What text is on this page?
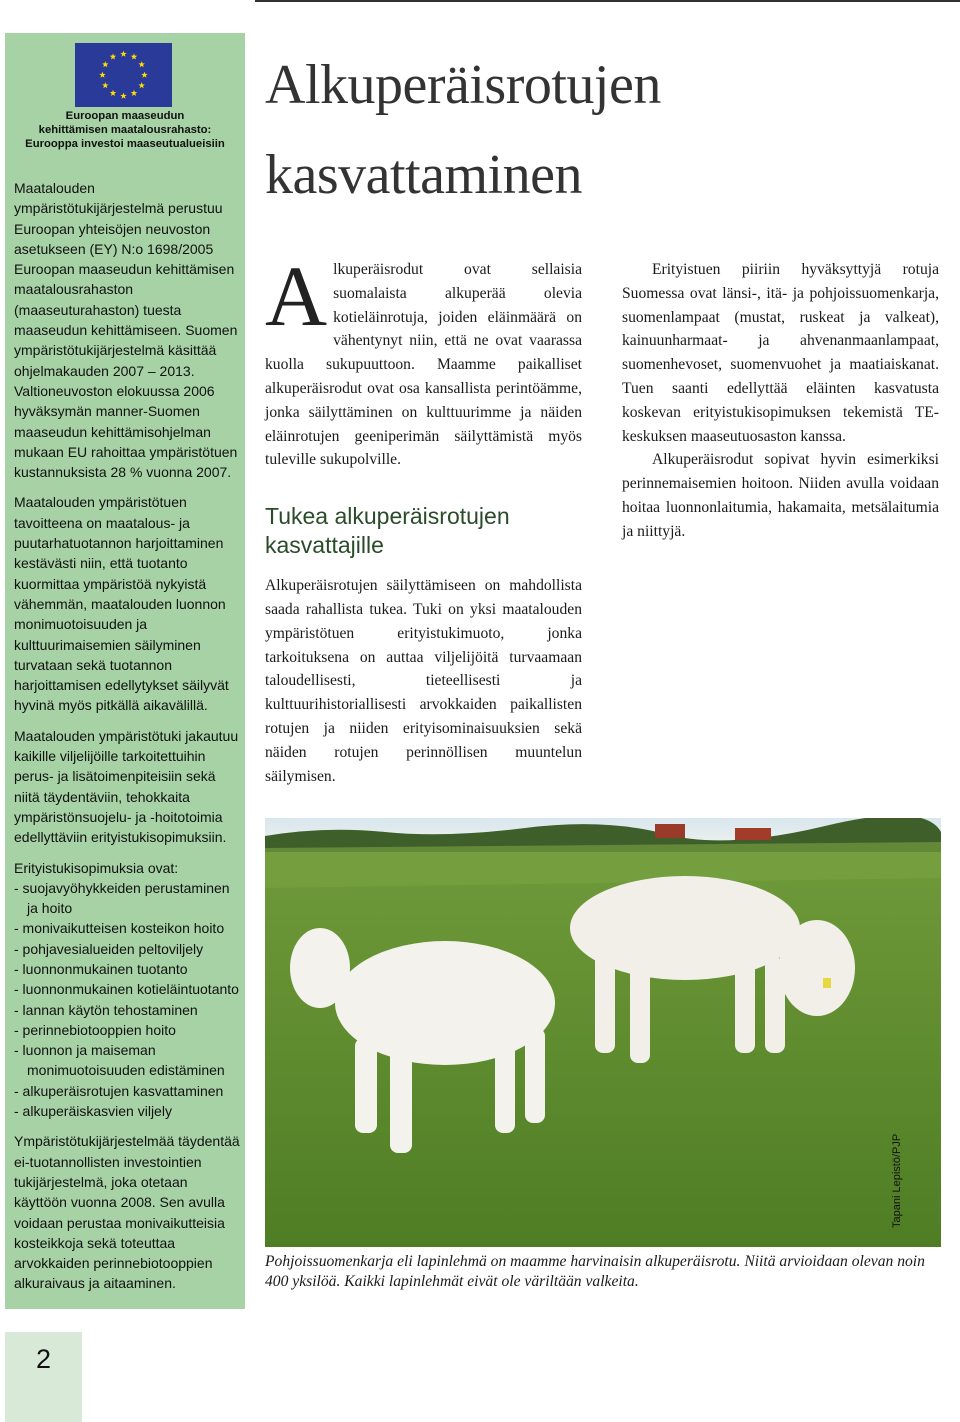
Euroopan maaseudun
kehittämisen maatalousrahasto:
Eurooppa investoi maaseutualueisiin

Maatalouden ympäristötukijärjestelmä perustuu Euroopan yhteisöjen neuvoston asetukseen (EY) N:o 1698/2005 Euroopan maaseudun kehittämisen maatalousrahaston (maaseuturahaston) tuesta maaseudun kehittämiseen. Suomen ympäristötukijärjestelmä käsittää ohjelmakauden 2007 – 2013. Valtioneuvoston elokuussa 2006 hyväksymän manner-Suomen maaseudun kehittämisohjelman mukaan EU rahoittaa ympäristötuen kustannuksista 28 % vuonna 2007.

Maatalouden ympäristötuen tavoitteena on maatalous- ja puutarhatuotannon harjoittaminen kestävästi niin, että tuotanto kuormittaa ympäristöä nykyistä vähemmän, maatalouden luonnon monimuotoisuuden ja kulttuurimaisemien säilyminen turvataan sekä tuotannon harjoittamisen edellytykset säilyvät hyvinä myös pitkällä aikavälillä.

Maatalouden ympäristötuki jakautuu kaikille viljelijöille tarkoitettuihin perus- ja lisätoimenpiteisiin sekä niitä täydentäviin, tehokkaita ympäristönsuojelu- ja -hoitotoimia edellyttäviin erityistukisopimuksiin.

Erityistukisopimuksia ovat:

- suojavyöhykkeiden perustaminen ja hoito
- monivaikutteisen kosteikon hoito
- pohjavesialueiden peltoviljely
- luonnonmukainen tuotanto
- luonnonmukainen kotieläintuotanto
- lannan käytön tehostaminen
- perinnebiotooppien hoito
- luonnon ja maiseman monimuotoisuuden edistäminen
- alkuperäisrotujen kasvattaminen
- alkuperäiskasvien viljely

Ympäristötukijärjestelmää täydentää ei-tuotannollisten investointien tukijärjestelmä, joka otetaan käyttöön vuonna 2008. Sen avulla voidaan perustaa monivaikutteisia kosteikkoja sekä toteuttaa arvokkaiden perinnebiotooppien alkuraivaus ja aitaaminen.

2
Alkuperäisrotujen
kasvattaminen

Alkuperäisrodut ovat sellaisia suomalaista alkuperää olevia kotieläinrotuja, joiden eläinmäärä on vähentynyt niin, että ne ovat vaarassa kuolla sukupuuttoon. Maamme paikalliset alkuperäisrodut ovat osa kansallista perintöämme, jonka säilyttäminen on kulttuurimme ja näiden eläinrotujen geeniperimän säilyttämistä myös tuleville sukupolville.

Tukea alkuperäisrotujen kasvattajille

Alkuperäisrotujen säilyttämiseen on mahdollista saada rahallista tukea. Tuki on yksi maatalouden ympäristötuen erityistukimuoto, jonka tarkoituksena on auttaa viljelijöitä turvaamaan taloudellisesti, tieteellisesti ja kulttuurihistoriallisesti arvokkaiden paikallisten rotujen ja niiden erityisominaisuuksien sekä näiden rotujen perinnöllisen muuntelun säilymisen.

Erityistuen piiriin hyväksyttyjä rotuja Suomessa ovat länsi-, itä- ja pohjoissuomenkarja, suomenlampaat (mustat, ruskeat ja valkeat), kainuunharmaat- ja ahvenanmaanlampaat, suomenhevoset, suomenvuohet ja maatiaiskanat. Tuen saanti edellyttää eläinten kasvatusta koskevan erityistukisopimuksen tekemistä TE-keskuksen maaseutuosaston kanssa.

Alkuperäisrodut sopivat hyvin esimerkiksi perinnemaisemien hoitoon. Niiden avulla voidaan hoitaa luonnonlaitumia, hakamaita, metsälaitumia ja niittyjä.

Tapani Lepistö/PJP
Pohjoissuomenkarja eli lapinlehmä on maamme harvinaisin alkuperäisrotu. Niitä arvioidaan olevan noin 400 yksilöä. Kaikki lapinlehmät eivät ole väriltään valkeita.
